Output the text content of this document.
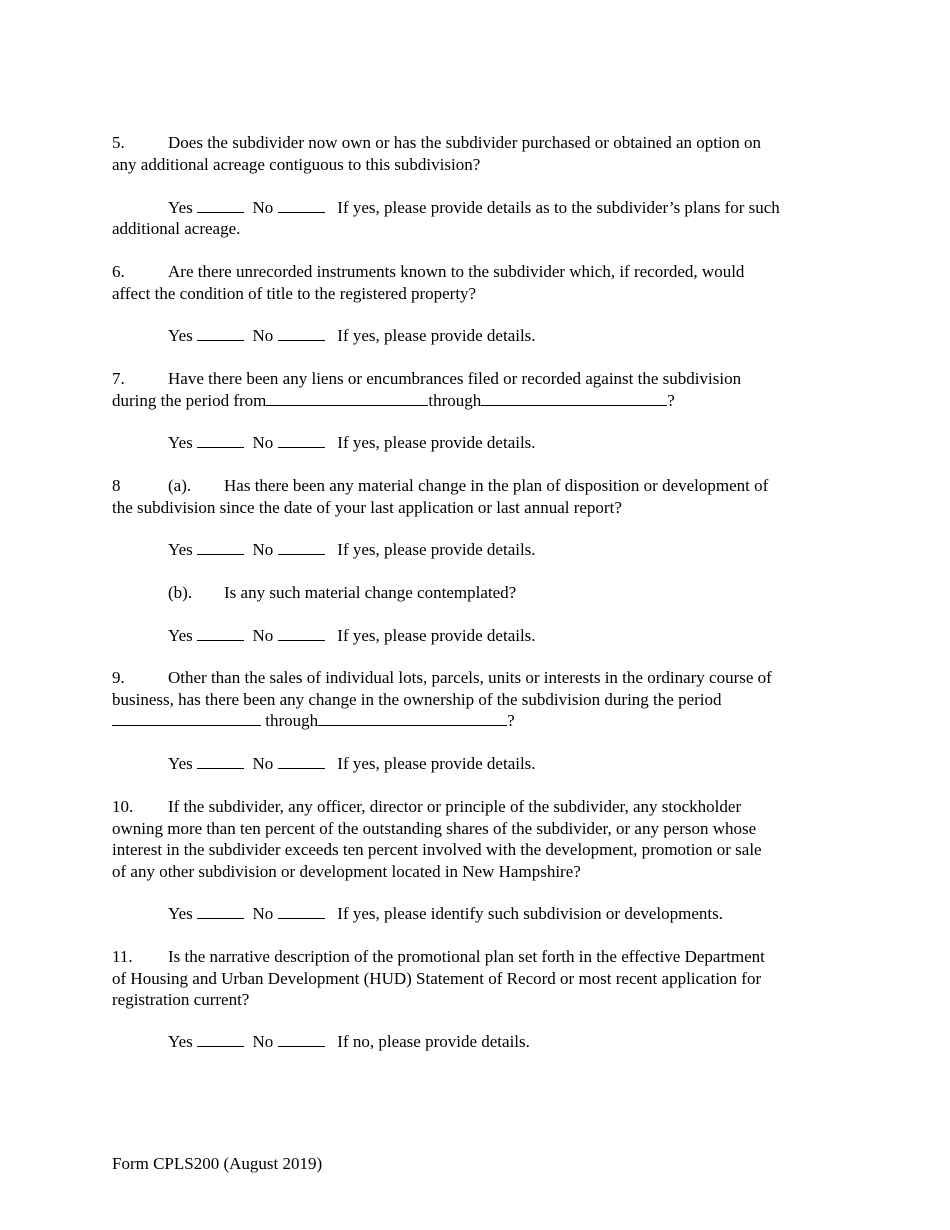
5.	Does the subdivider now own or has the subdivider purchased or obtained an option on
any additional acreage contiguous to this subdivision?
Yes	No	If yes, please provide details as to the subdivider’s plans for such
additional acreage.
6.	Are there unrecorded instruments known to the subdivider which, if recorded, would
affect the condition of title to the registered property?
Yes	No	If yes, please provide details.
7.	Have there been any liens or encumbrances filed or recorded against the subdivision
during the period from	through	?
Yes	No	If yes, please provide details.
8	(a). Has there been any material change in the plan of disposition or development of
the subdivision since the date of your last application or last annual report?
Yes	No	If yes, please provide details.
(b). Is any such material change contemplated?
Yes	No	If yes, please provide details.
9.	Other than the sales of individual lots, parcels, units or interests in the ordinary course of
business, has there been any change in the ownership of the subdivision during the period
through	?
Yes	No	If yes, please provide details.
10. If the subdivider, any officer, director or principle of the subdivider, any stockholder
owning more than ten percent of the outstanding shares of the subdivider, or any person whose
interest in the subdivider exceeds ten percent involved with the development, promotion or sale
of any other subdivision or development located in New Hampshire?
Yes	No	If yes, please identify such subdivision or developments.
11. Is the narrative description of the promotional plan set forth in the effective Department
of Housing and Urban Development (HUD) Statement of Record or most recent application for
registration current?
Yes	No	If no, please provide details.
Form CPLS200 (August 2019)
